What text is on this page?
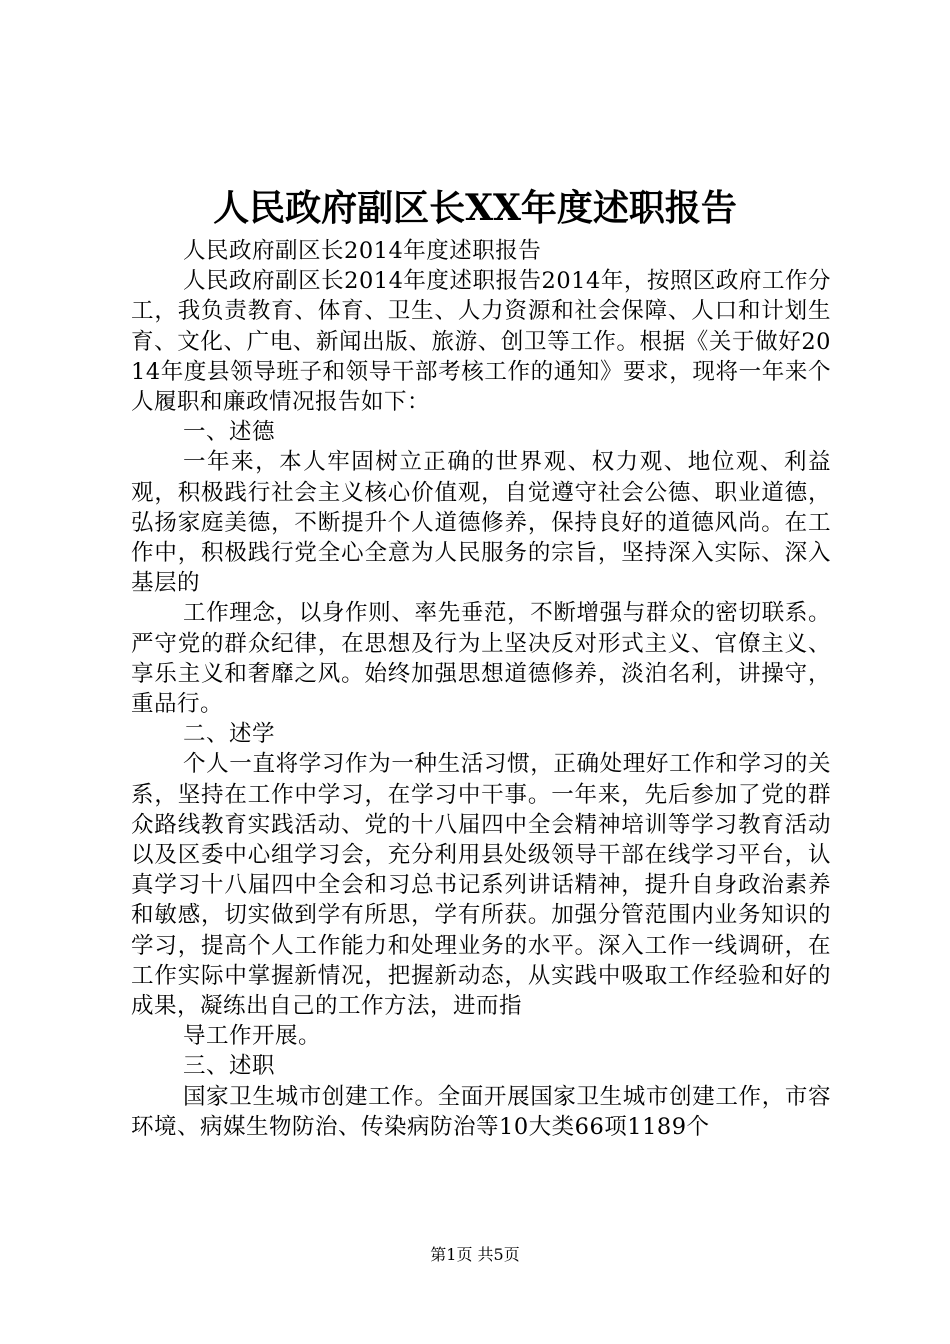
人民政府副区长XX年度述职报告

人民政府副区长2014年度述职报告

人民政府副区长2014年度述职报告2014年，按照区政府工作分工，我负责教育、体育、卫生、人力资源和社会保障、人口和计划生育、文化、广电、新闻出版、旅游、创卫等工作。根据《关于做好2014年度县领导班子和领导干部考核工作的通知》要求，现将一年来个人履职和廉政情况报告如下：

一、述德

一年来，本人牢固树立正确的世界观、权力观、地位观、利益观，积极践行社会主义核心价值观，自觉遵守社会公德、职业道德，弘扬家庭美德，不断提升个人道德修养，保持良好的道德风尚。在工作中，积极践行党全心全意为人民服务的宗旨，坚持深入实际、深入基层的

工作理念，以身作则、率先垂范，不断增强与群众的密切联系。严守党的群众纪律，在思想及行为上坚决反对形式主义、官僚主义、享乐主义和奢靡之风。始终加强思想道德修养，淡泊名利，讲操守，重品行。

二、述学

个人一直将学习作为一种生活习惯，正确处理好工作和学习的关系，坚持在工作中学习，在学习中干事。一年来，先后参加了党的群众路线教育实践活动、党的十八届四中全会精神培训等学习教育活动以及区委中心组学习会，充分利用县处级领导干部在线学习平台，认真学习十八届四中全会和习总书记系列讲话精神，提升自身政治素养和敏感，切实做到学有所思，学有所获。加强分管范围内业务知识的学习，提高个人工作能力和处理业务的水平。深入工作一线调研，在工作实际中掌握新情况，把握新动态，从实践中吸取工作经验和好的成果，凝练出自己的工作方法，进而指

导工作开展。

三、述职

国家卫生城市创建工作。全面开展国家卫生城市创建工作，市容环境、病媒生物防治、传染病防治等10大类66项1189个

第1页 共5页
